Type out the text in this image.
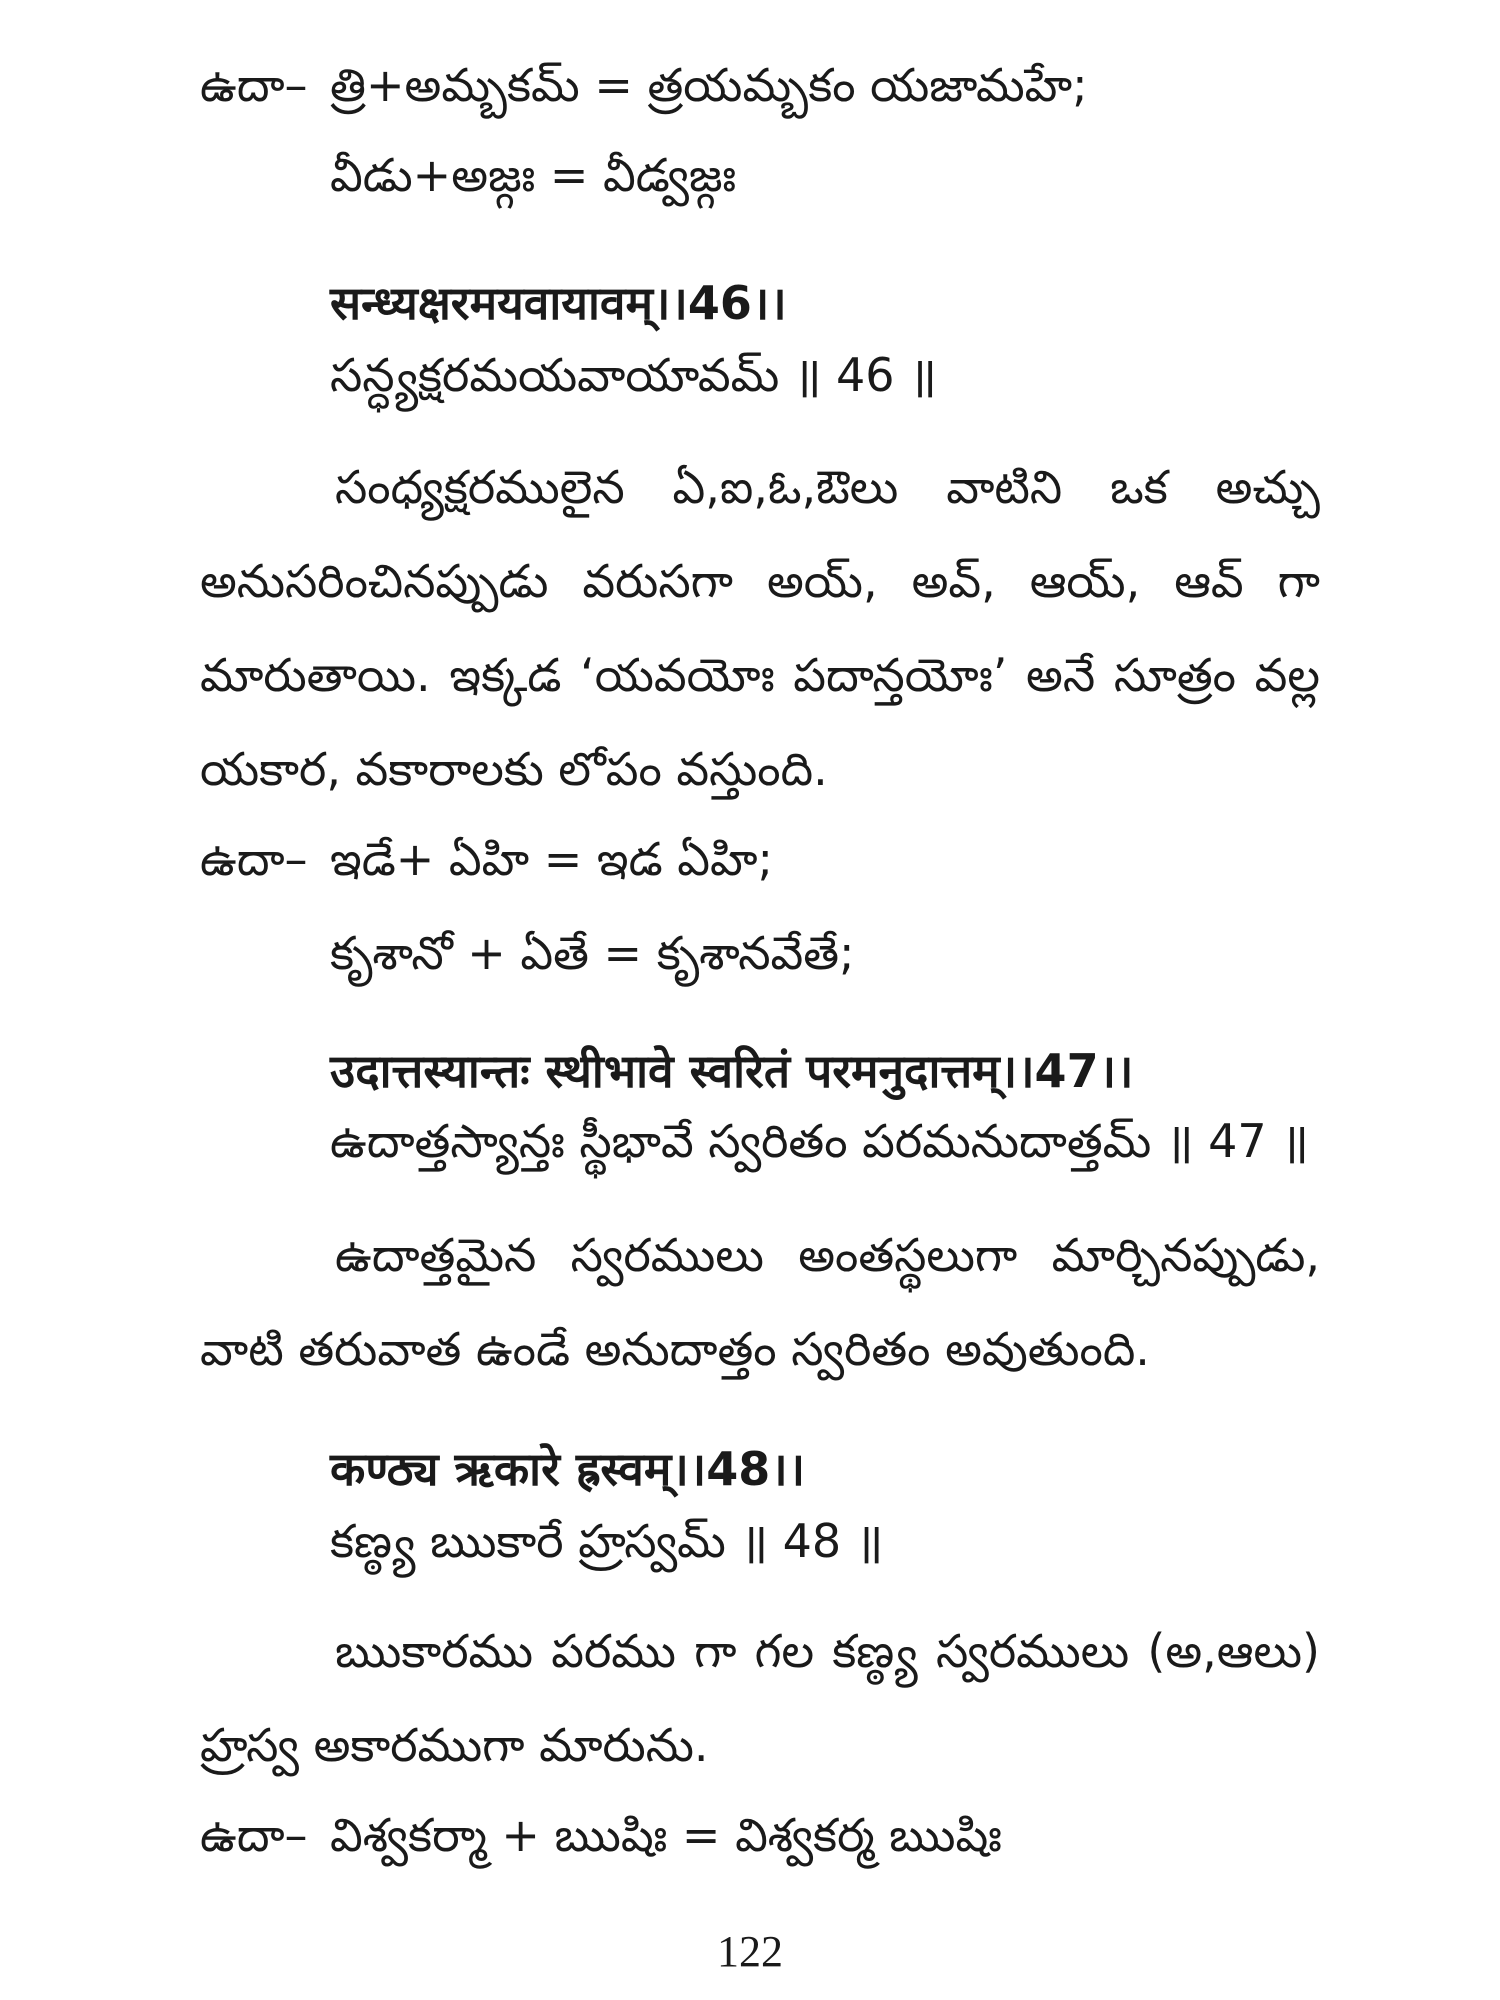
ఉదా– త్రి+అమ్బకమ్ = త్రయమ్బకం యజామహే;
వీడు+అజ్గః = వీడ్వజ్గః
सन्ध्यक्षरमयवायावम्।।46।।
సన్ధ్యక్షరమయవాయావమ్ ॥ 46 ॥
సంధ్యక్షరములైన ఏ,ఐ,ఓ,ఔలు వాటిని ఒక అచ్చు అనుసరించినప్పుడు వరుసగా అయ్, అవ్, ఆయ్, ఆవ్ గా మారుతాయి. ఇక్కడ ‘యవయోః పదాన్తయోః’ అనే సూత్రం వల్ల యకార, వకారాలకు లోపం వస్తుంది.
ఉదా– ఇడే+ ఏహి = ఇడ ఏహి;
కృశానో + ఏతే = కృశానవేతే;
उदात्तस्यान्तः स्थीभावे स्वरितं परमनुदात्तम्।।47।।
ఉదాత్తస్యాన్తః స్థీభావే స్వరితం పరమనుదాత్తమ్ ॥ 47 ॥
ఉదాత్తమైన స్వరములు అంతస్థలుగా మార్చినప్పుడు, వాటి తరువాత ఉండే అనుదాత్తం స్వరితం అవుతుంది.
कण्ठ्य ऋकारे ह्रस्वम्।।48।।
కణ్ఠ్య ఋకారే హ్రస్వమ్ ॥ 48 ॥
ఋకారము పరము గా గల కణ్ఠ్య స్వరములు (అ,ఆలు) హ్రస్వ అకారముగా మారును.
ఉదా– విశ్వకర్మా + ఋషిః = విశ్వకర్మ ఋషిః
122
